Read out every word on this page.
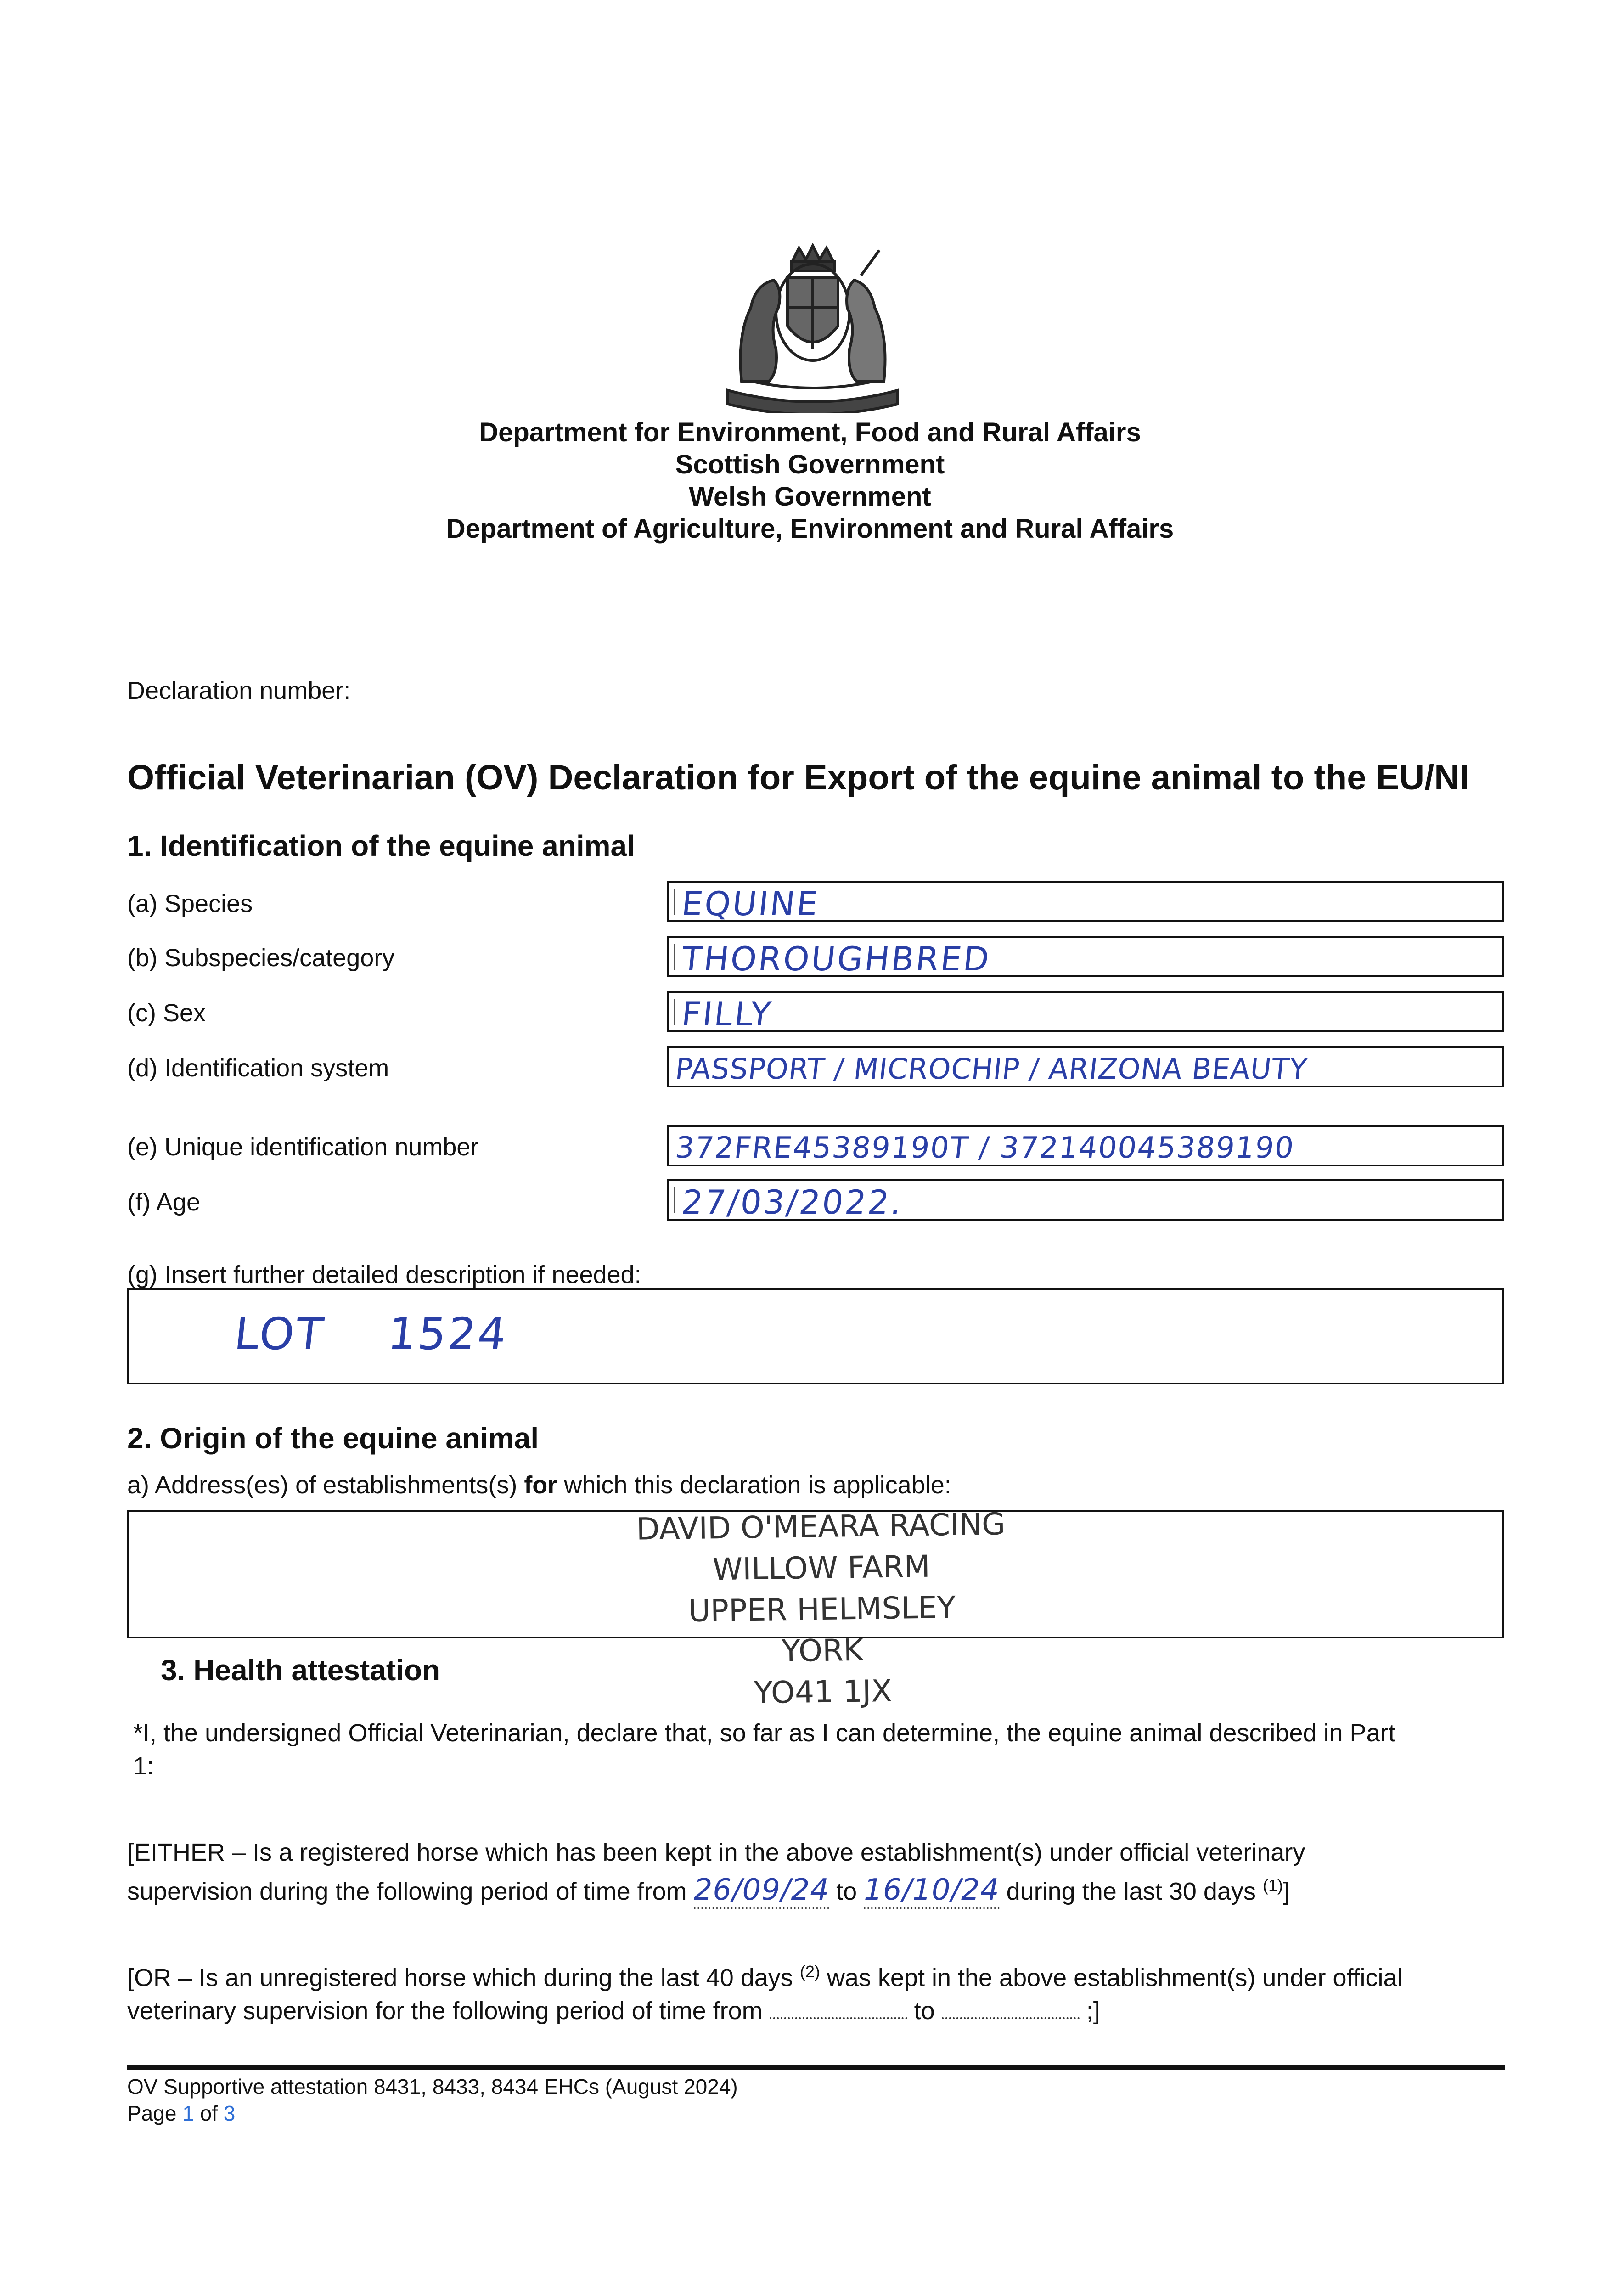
Department for Environment, Food and Rural Affairs
Scottish Government
Welsh Government
Department of Agriculture, Environment and Rural Affairs
Declaration number:
Official Veterinarian (OV) Declaration for Export of the equine animal to the EU/NI
1. Identification of the equine animal
(a) Species	EQUINE
(b) Subspecies/category	THOROUGHBRED
(c) Sex	FILLY
(d) Identification system	PASSPORT / MICROCHIP / ARIZONA BEAUTY
(e) Unique identification number	372FRE45389190T / 372140045389190
(f) Age	27/03/2022.
(g) Insert further detailed description if needed:
LOT    1524
2. Origin of the equine animal
a) Address(es) of establishments(s) for which this declaration is applicable:
DAVID O'MEARA RACING
WILLOW FARM
UPPER HELMSLEY
YORK
YO41 1JX
3. Health attestation
*I, the undersigned Official Veterinarian, declare that, so far as I can determine, the equine animal described in Part
1:
[EITHER – Is a registered horse which has been kept in the above establishment(s) under official veterinary
supervision during the following period of time from 26/09/24 to 16/10/24 during the last 30 days $^{(1)}$]
[OR – Is an unregistered horse which during the last 40 days $^{(2)}$ was kept in the above establishment(s) under official
veterinary supervision for the following period of time from	to	;]
OV Supportive attestation 8431, 8433, 8434 EHCs (August 2024)
Page 1 of 3
